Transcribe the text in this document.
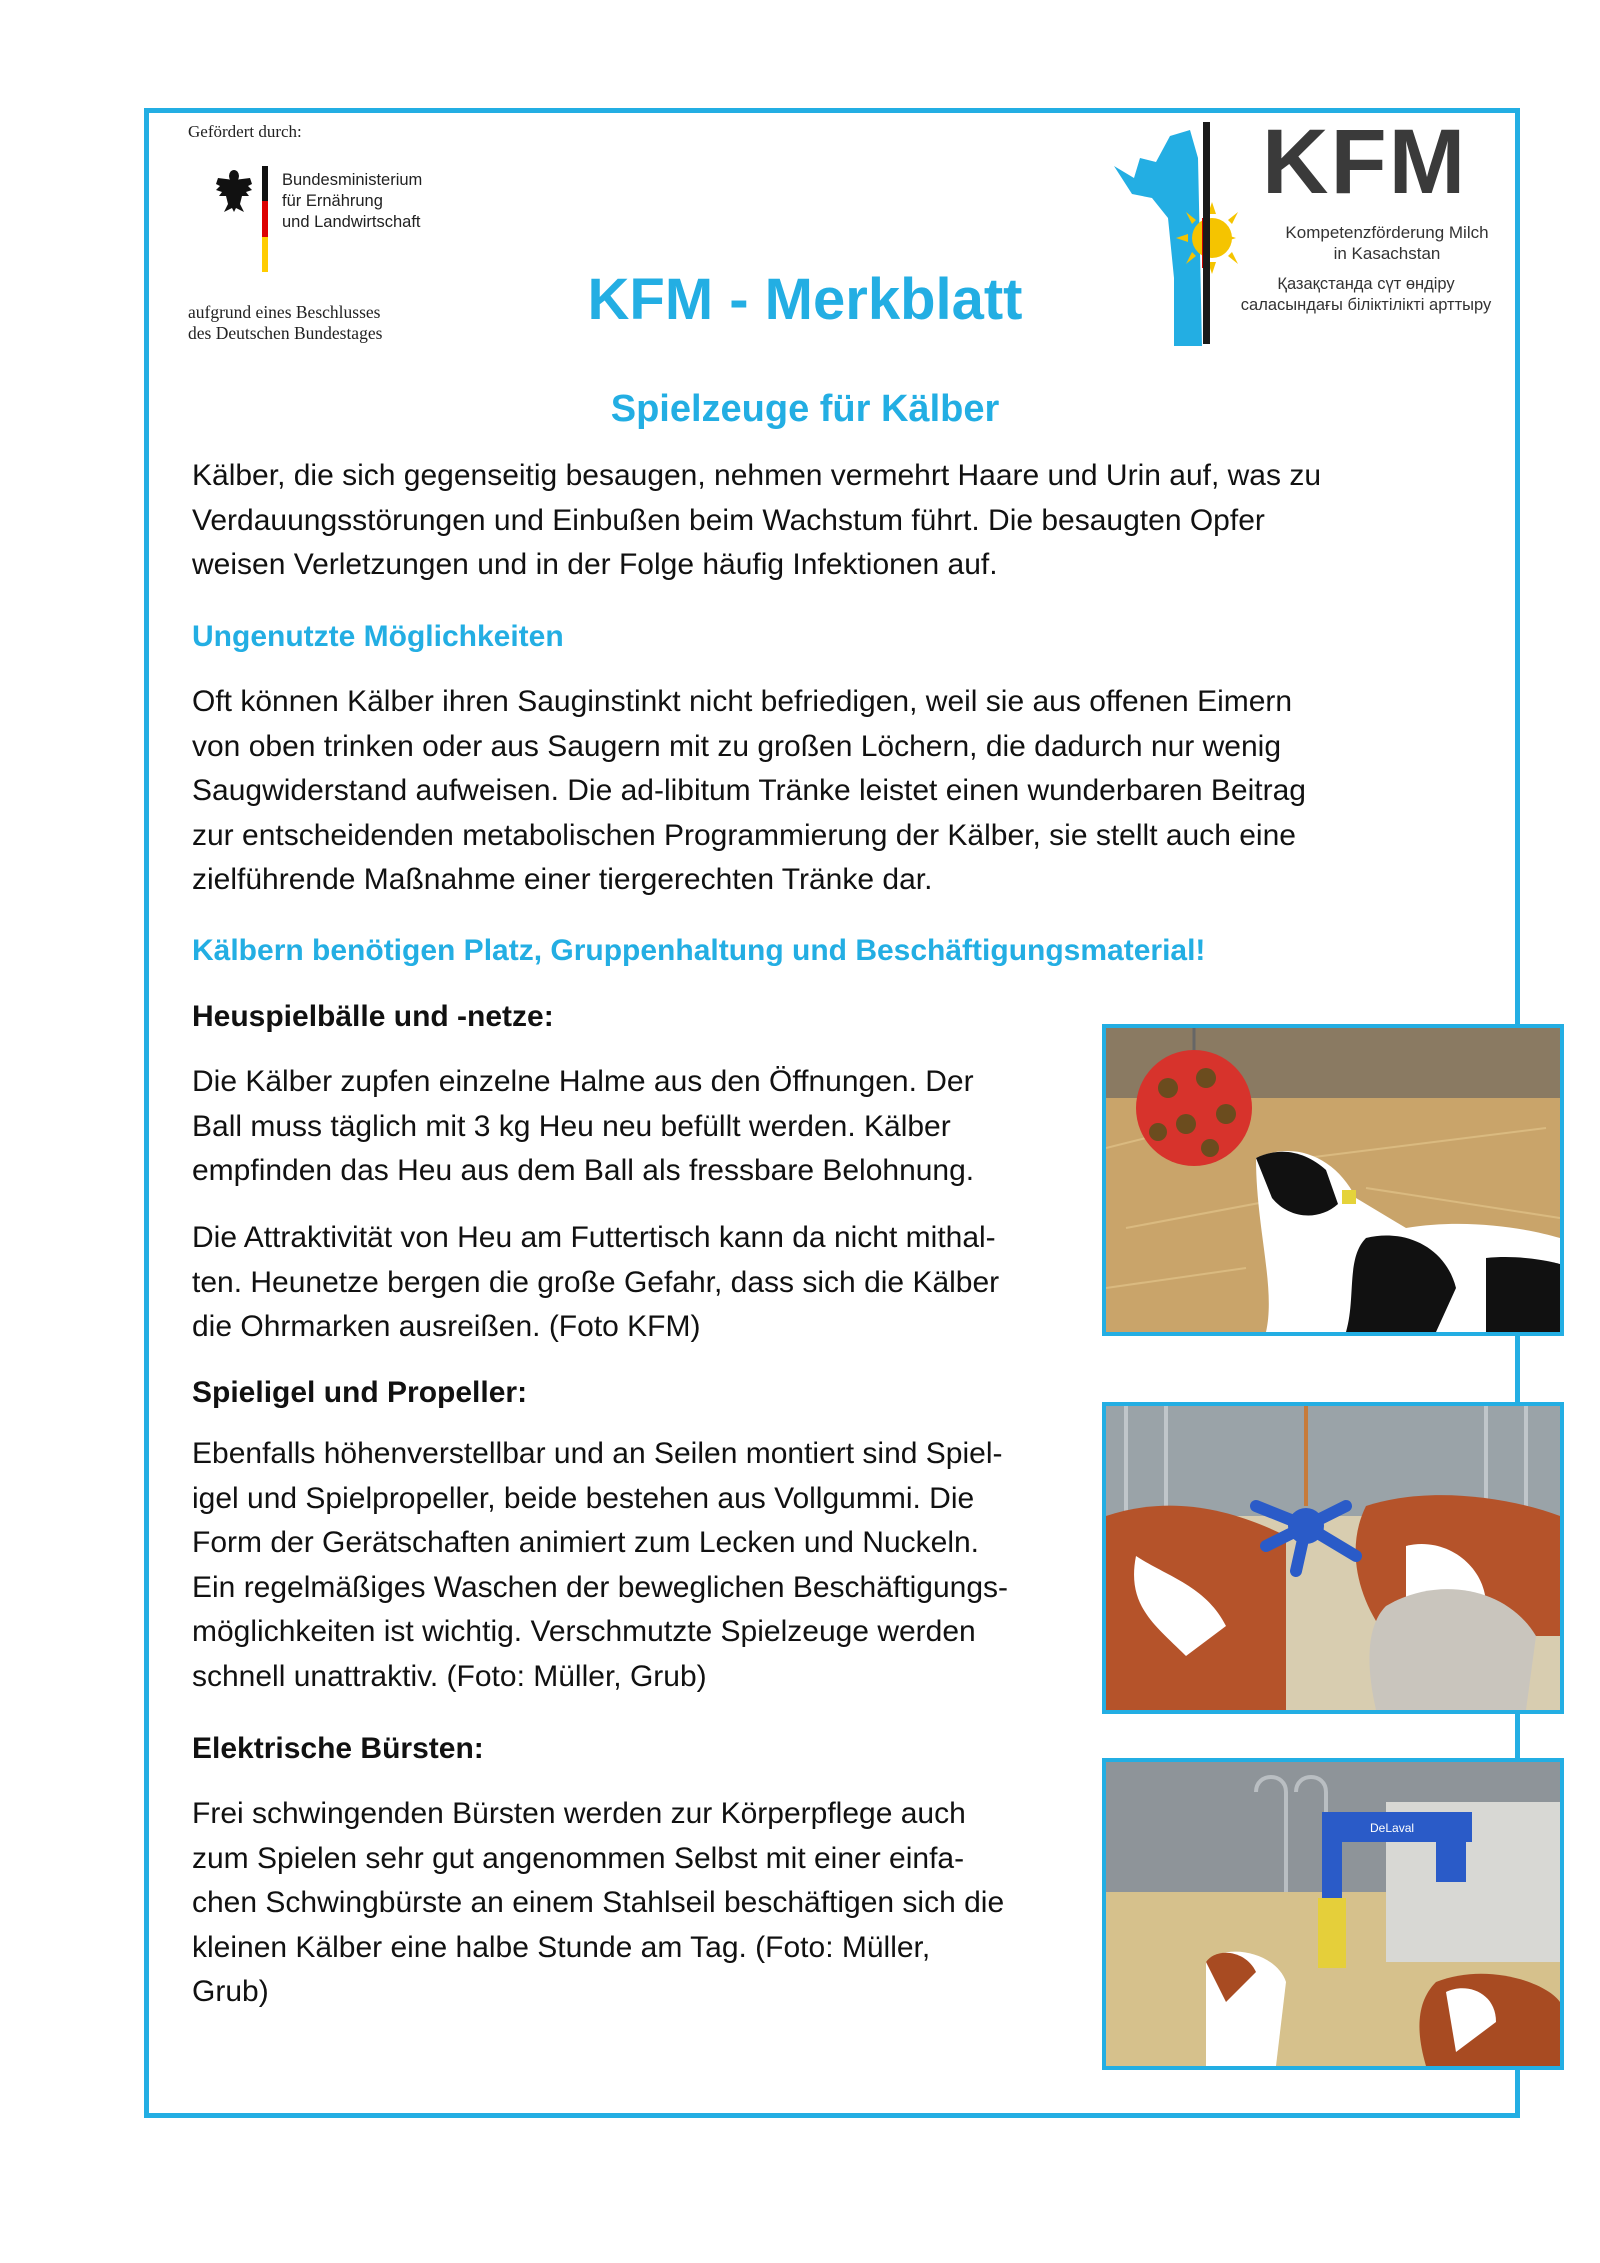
Gefördert durch:
Bundesministerium
für Ernährung
und Landwirtschaft
aufgrund eines Beschlusses
des Deutschen Bundestages
KFM
Kompetenzförderung Milch
in Kasachstan
Қазақстанда сүт өндіру
саласындағы біліктілікті арттыру
KFM - Merkblatt
Spielzeuge für Kälber
Kälber, die sich gegenseitig besaugen, nehmen vermehrt Haare und Urin auf, was zu
Verdauungsstörungen und Einbußen beim Wachstum führt. Die besaugten Opfer
weisen Verletzungen und in der Folge häufig Infektionen auf.
Ungenutzte Möglichkeiten
Oft können Kälber ihren Sauginstinkt nicht befriedigen, weil sie aus offenen Eimern
von oben trinken oder aus Saugern mit zu großen Löchern, die dadurch nur wenig
Saugwiderstand aufweisen. Die ad-libitum Tränke leistet einen wunderbaren Beitrag
zur entscheidenden metabolischen Programmierung der Kälber, sie stellt auch eine
zielführende Maßnahme einer tiergerechten Tränke dar.
Kälbern benötigen Platz, Gruppenhaltung und Beschäftigungsmaterial!
Heuspielbälle und -netze:
Die Kälber zupfen einzelne Halme aus den Öffnungen. Der
Ball muss täglich mit 3 kg Heu neu befüllt werden. Kälber
empfinden das Heu aus dem Ball als fressbare Belohnung.
Die Attraktivität von Heu am Futtertisch kann da nicht mithal-
ten. Heunetze bergen die große Gefahr, dass sich die Kälber
die Ohrmarken ausreißen. (Foto KFM)
Spieligel und Propeller:
Ebenfalls höhenverstellbar und an Seilen montiert sind Spiel-
igel und Spielpropeller, beide bestehen aus Vollgummi. Die
Form der Gerätschaften animiert zum Lecken und Nuckeln.
Ein regelmäßiges Waschen der beweglichen Beschäftigungs-
möglichkeiten ist wichtig. Verschmutzte Spielzeuge werden
schnell unattraktiv. (Foto: Müller, Grub)
Elektrische Bürsten:
Frei schwingenden Bürsten werden zur Körperpflege auch
zum Spielen sehr gut angenommen Selbst mit einer einfa-
chen Schwingbürste an einem Stahlseil beschäftigen sich die
kleinen Kälber eine halbe Stunde am Tag. (Foto: Müller,
Grub)
DeLaval
